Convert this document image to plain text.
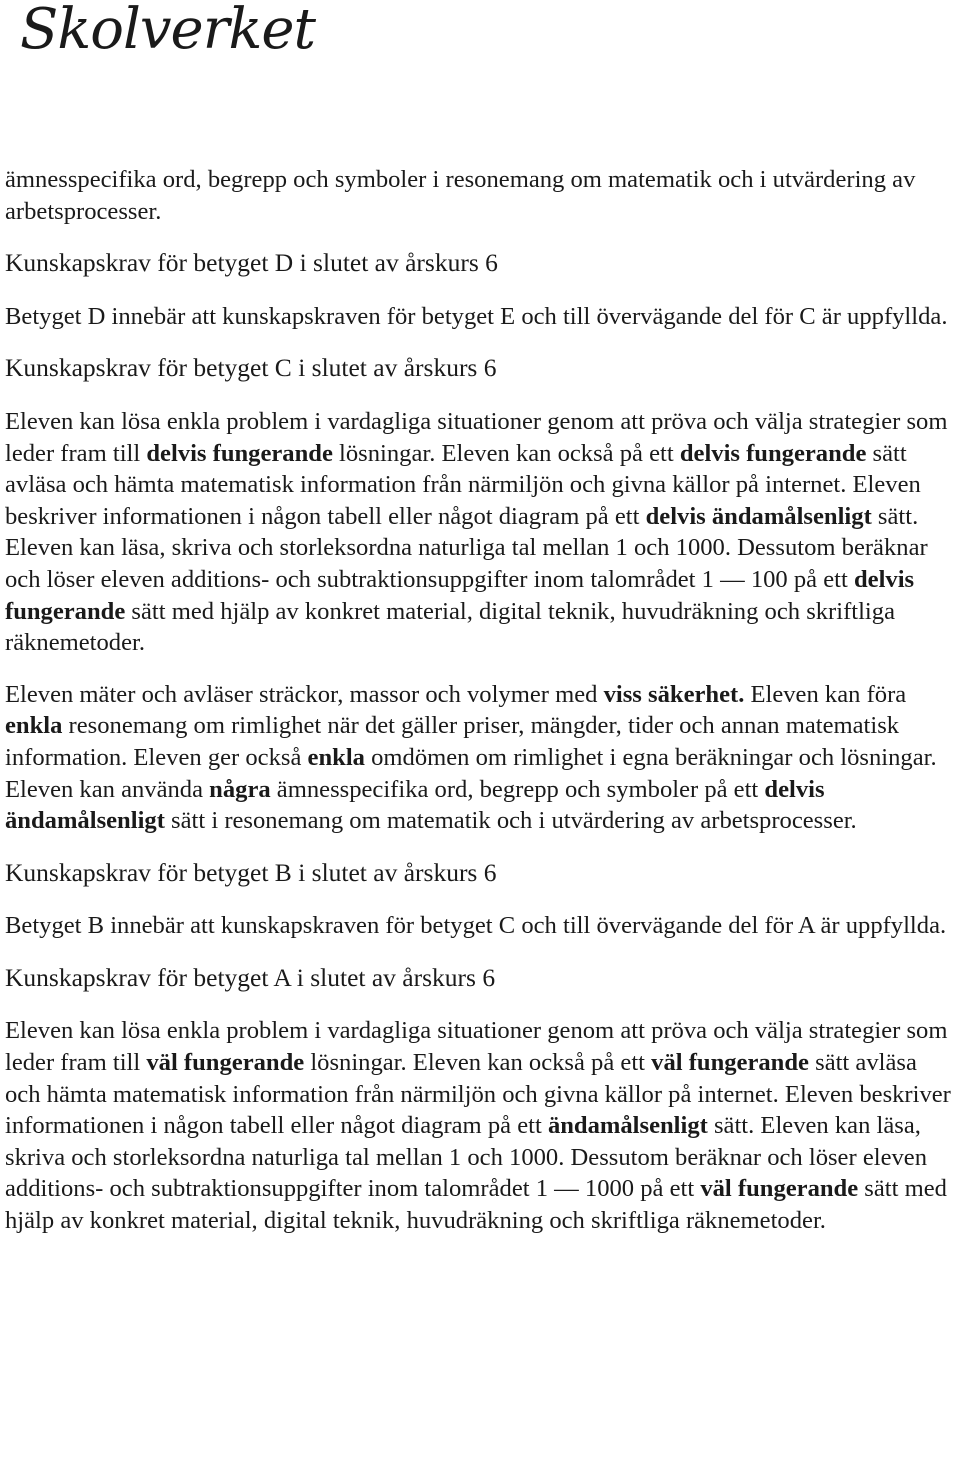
Skolverket

ämnesspecifika ord, begrepp och symboler i resonemang om matematik och i utvärdering av arbetsprocesser.

Kunskapskrav för betyget D i slutet av årskurs 6

Betyget D innebär att kunskapskraven för betyget E och till övervägande del för C är uppfyllda.

Kunskapskrav för betyget C i slutet av årskurs 6

Eleven kan lösa enkla problem i vardagliga situationer genom att pröva och välja strategier som leder fram till delvis fungerande lösningar. Eleven kan också på ett delvis fungerande sätt avläsa och hämta matematisk information från närmiljön och givna källor på internet. Eleven beskriver informationen i någon tabell eller något diagram på ett delvis ändamålsenligt sätt. Eleven kan läsa, skriva och storleksordna naturliga tal mellan 1 och 1000. Dessutom beräknar och löser eleven additions- och subtraktionsuppgifter inom talområdet 1 — 100 på ett delvis fungerande sätt med hjälp av konkret material, digital teknik, huvudräkning och skriftliga räknemetoder.

Eleven mäter och avläser sträckor, massor och volymer med viss säkerhet. Eleven kan föra enkla resonemang om rimlighet när det gäller priser, mängder, tider och annan matematisk information. Eleven ger också enkla omdömen om rimlighet i egna beräkningar och lösningar. Eleven kan använda några ämnesspecifika ord, begrepp och symboler på ett delvis ändamålsenligt sätt i resonemang om matematik och i utvärdering av arbetsprocesser.

Kunskapskrav för betyget B i slutet av årskurs 6

Betyget B innebär att kunskapskraven för betyget C och till övervägande del för A är uppfyllda.

Kunskapskrav för betyget A i slutet av årskurs 6

Eleven kan lösa enkla problem i vardagliga situationer genom att pröva och välja strategier som leder fram till väl fungerande lösningar. Eleven kan också på ett väl fungerande sätt avläsa och hämta matematisk information från närmiljön och givna källor på internet. Eleven beskriver informationen i någon tabell eller något diagram på ett ändamålsenligt sätt. Eleven kan läsa, skriva och storleksordna naturliga tal mellan 1 och 1000. Dessutom beräknar och löser eleven additions- och subtraktionsuppgifter inom talområdet 1 — 1000 på ett väl fungerande sätt med hjälp av konkret material, digital teknik, huvudräkning och skriftliga räknemetoder.
